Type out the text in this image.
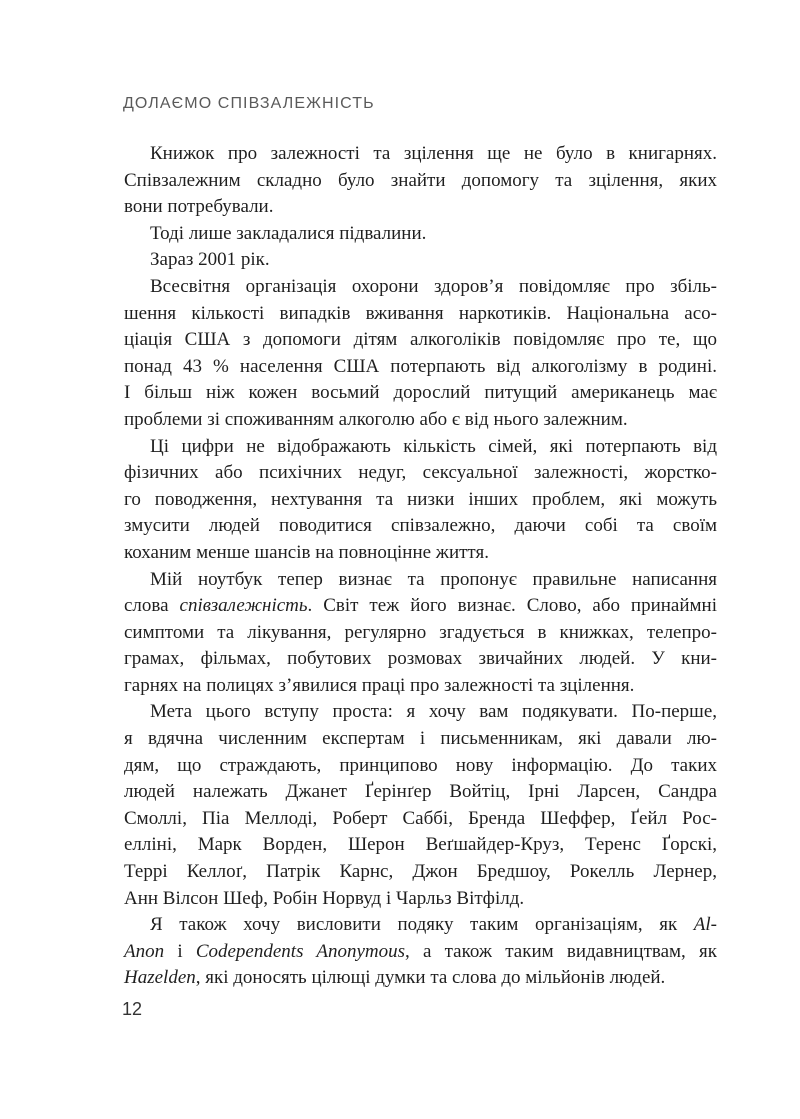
ДОЛАЄМО СПІВЗАЛЕЖНІСТЬ
Книжок про залежності та зцілення ще не було в книгарнях.
Співзалежним складно було знайти допомогу та зцілення, яких
вони потребували.
Тоді лише закладалися підвалини.
Зараз 2001 рік.
Всесвітня організація охорони здоров’я повідомляє про збіль-
шення кількості випадків вживання наркотиків. Національна асо-
ціація США з допомоги дітям алкоголіків повідомляє про те, що
понад 43 % населення США потерпають від алкоголізму в родині.
І більш ніж кожен восьмий дорослий питущий американець має
проблеми зі споживанням алкоголю або є від нього залежним.
Ці цифри не відображають кількість сімей, які потерпають від
фізичних або психічних недуг, сексуальної залежності, жорстко-
го поводження, нехтування та низки інших проблем, які можуть
змусити людей поводитися співзалежно, даючи собі та своїм
коханим менше шансів на повноцінне життя.
Мій ноутбук тепер визнає та пропонує правильне написання
слова співзалежність. Світ теж його визнає. Слово, або принаймні
симптоми та лікування, регулярно згадується в книжках, телепро-
грамах, фільмах, побутових розмовах звичайних людей. У кни-
гарнях на полицях з’явилися праці про залежності та зцілення.
Мета цього вступу проста: я хочу вам подякувати. По-перше,
я вдячна численним експертам і письменникам, які давали лю-
дям, що страждають, принципово нову інформацію. До таких
людей належать Джанет Ґерінґер Войтіц, Ірні Ларсен, Сандра
Смоллі, Піа Меллоді, Роберт Саббі, Бренда Шеффер, Ґейл Рос-
елліні, Марк Ворден, Шерон Веґшайдер-Круз, Теренс Ґорскі,
Террі Келлоґ, Патрік Карнс, Джон Бредшоу, Рокелль Лернер,
Анн Вілсон Шеф, Робін Норвуд і Чарльз Вітфілд.
Я також хочу висловити подяку таким організаціям, як Al-
Anon і Codependents Anonymous, а також таким видавництвам, як
Hazelden, які доносять цілющі думки та слова до мільйонів людей.
12
